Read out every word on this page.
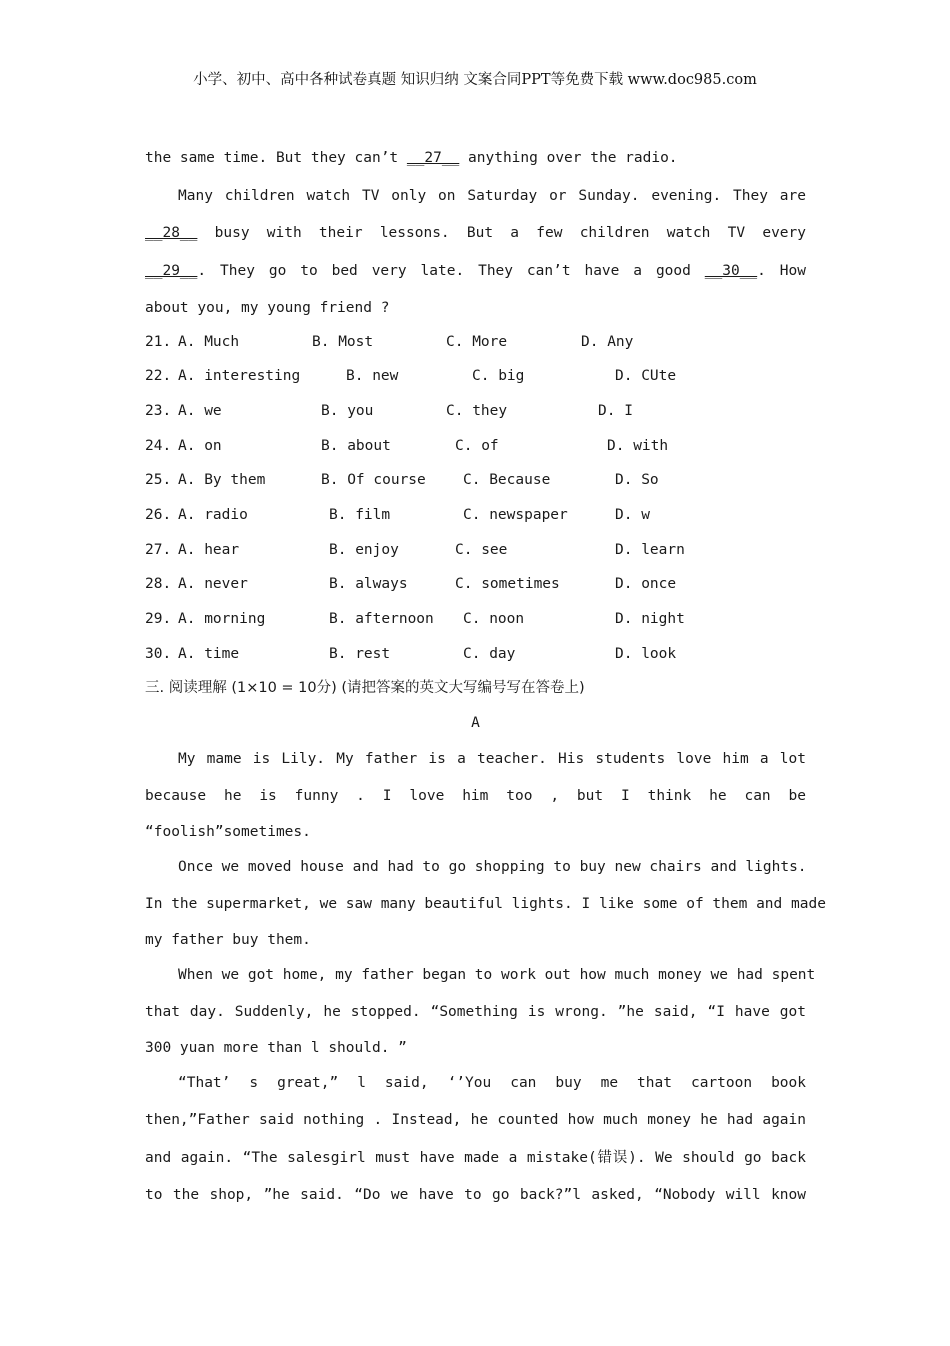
小学、初中、高中各种试卷真题 知识归纳 文案合同PPT等免费下载 www.doc985.com
the same time. But they can’t __27__ anything over the radio.
Many children watch TV only on Saturday or Sunday. evening. They are
__28__ busy with their lessons. But a few children watch TV every
__29__. They go to bed very late. They can’t have a good __30__. How
about you, my young friend ?
21. A. Much	B. Most	C. More	D. Any
22. A. interesting	B. new	C. big	D. CUte
23. A. we	B. you	C. they	D. I
24. A. on	B. about	C. of	D. with
25. A. By them	B. Of course	C. Because	D. So
26. A. radio	B. film	C. newspaper	D. w
27. A. hear	B. enjoy	C. see	D. learn
28. A. never	B. always	C. sometimes	D. once
29. A. morning	B. afternoon C. noon	D. night
30. A. time	B. rest	C. day	D. look
三. 阅读理解 (1×10 = 10分) (请把答案的英文大写编号写在答卷上)
A
My mame is Lily. My father is a teacher. His students love him a lot
because he is funny . I love him too , but I think he can be
“foolish”sometimes.
Once we moved house and had to go shopping to buy new chairs and lights.
In the supermarket, we saw many beautiful lights. I like some of them and made
my father buy them.
When we got home, my father began to work out how much money we had spent
that day. Suddenly, he stopped. “Something is wrong. ”he said, “I have got
300 yuan more than l should. ”
“That’ s great,” l said, ‘’You can buy me that cartoon book
then,”Father said nothing . Instead, he counted how much money he had again
and again. “The salesgirl must have made a mistake(错误). We should go back
to the shop, ”he said. “Do we have to go back?”l asked, “Nobody will know
